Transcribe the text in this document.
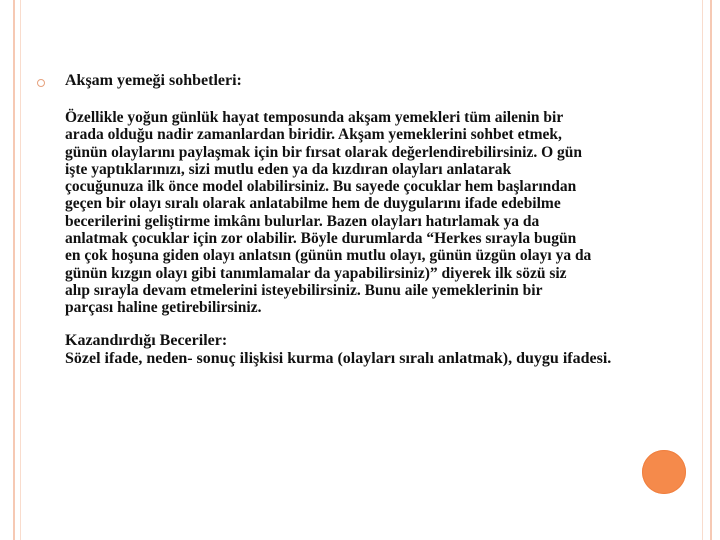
Akşam yemeği sohbetleri:
Özellikle yoğun günlük hayat temposunda akşam yemekleri tüm ailenin bir
arada olduğu nadir zamanlardan biridir. Akşam yemeklerini sohbet etmek,
günün olaylarını paylaşmak için bir fırsat olarak değerlendirebilirsiniz. O gün
işte yaptıklarınızı, sizi mutlu eden ya da kızdıran olayları anlatarak
çocuğunuza ilk önce model olabilirsiniz. Bu sayede çocuklar hem başlarından
geçen bir olayı sıralı olarak anlatabilme hem de duygularını ifade edebilme
becerilerini geliştirme imkânı bulurlar. Bazen olayları hatırlamak ya da
anlatmak çocuklar için zor olabilir. Böyle durumlarda “Herkes sırayla bugün
en çok hoşuna giden olayı anlatsın (günün mutlu olayı, günün üzgün olayı ya da
günün kızgın olayı gibi tanımlamalar da yapabilirsiniz)” diyerek ilk sözü siz
alıp sırayla devam etmelerini isteyebilirsiniz. Bunu aile yemeklerinin bir
parçası haline getirebilirsiniz.
Kazandırdığı Beceriler:
Sözel ifade, neden- sonuç ilişkisi kurma (olayları sıralı anlatmak), duygu ifadesi.
